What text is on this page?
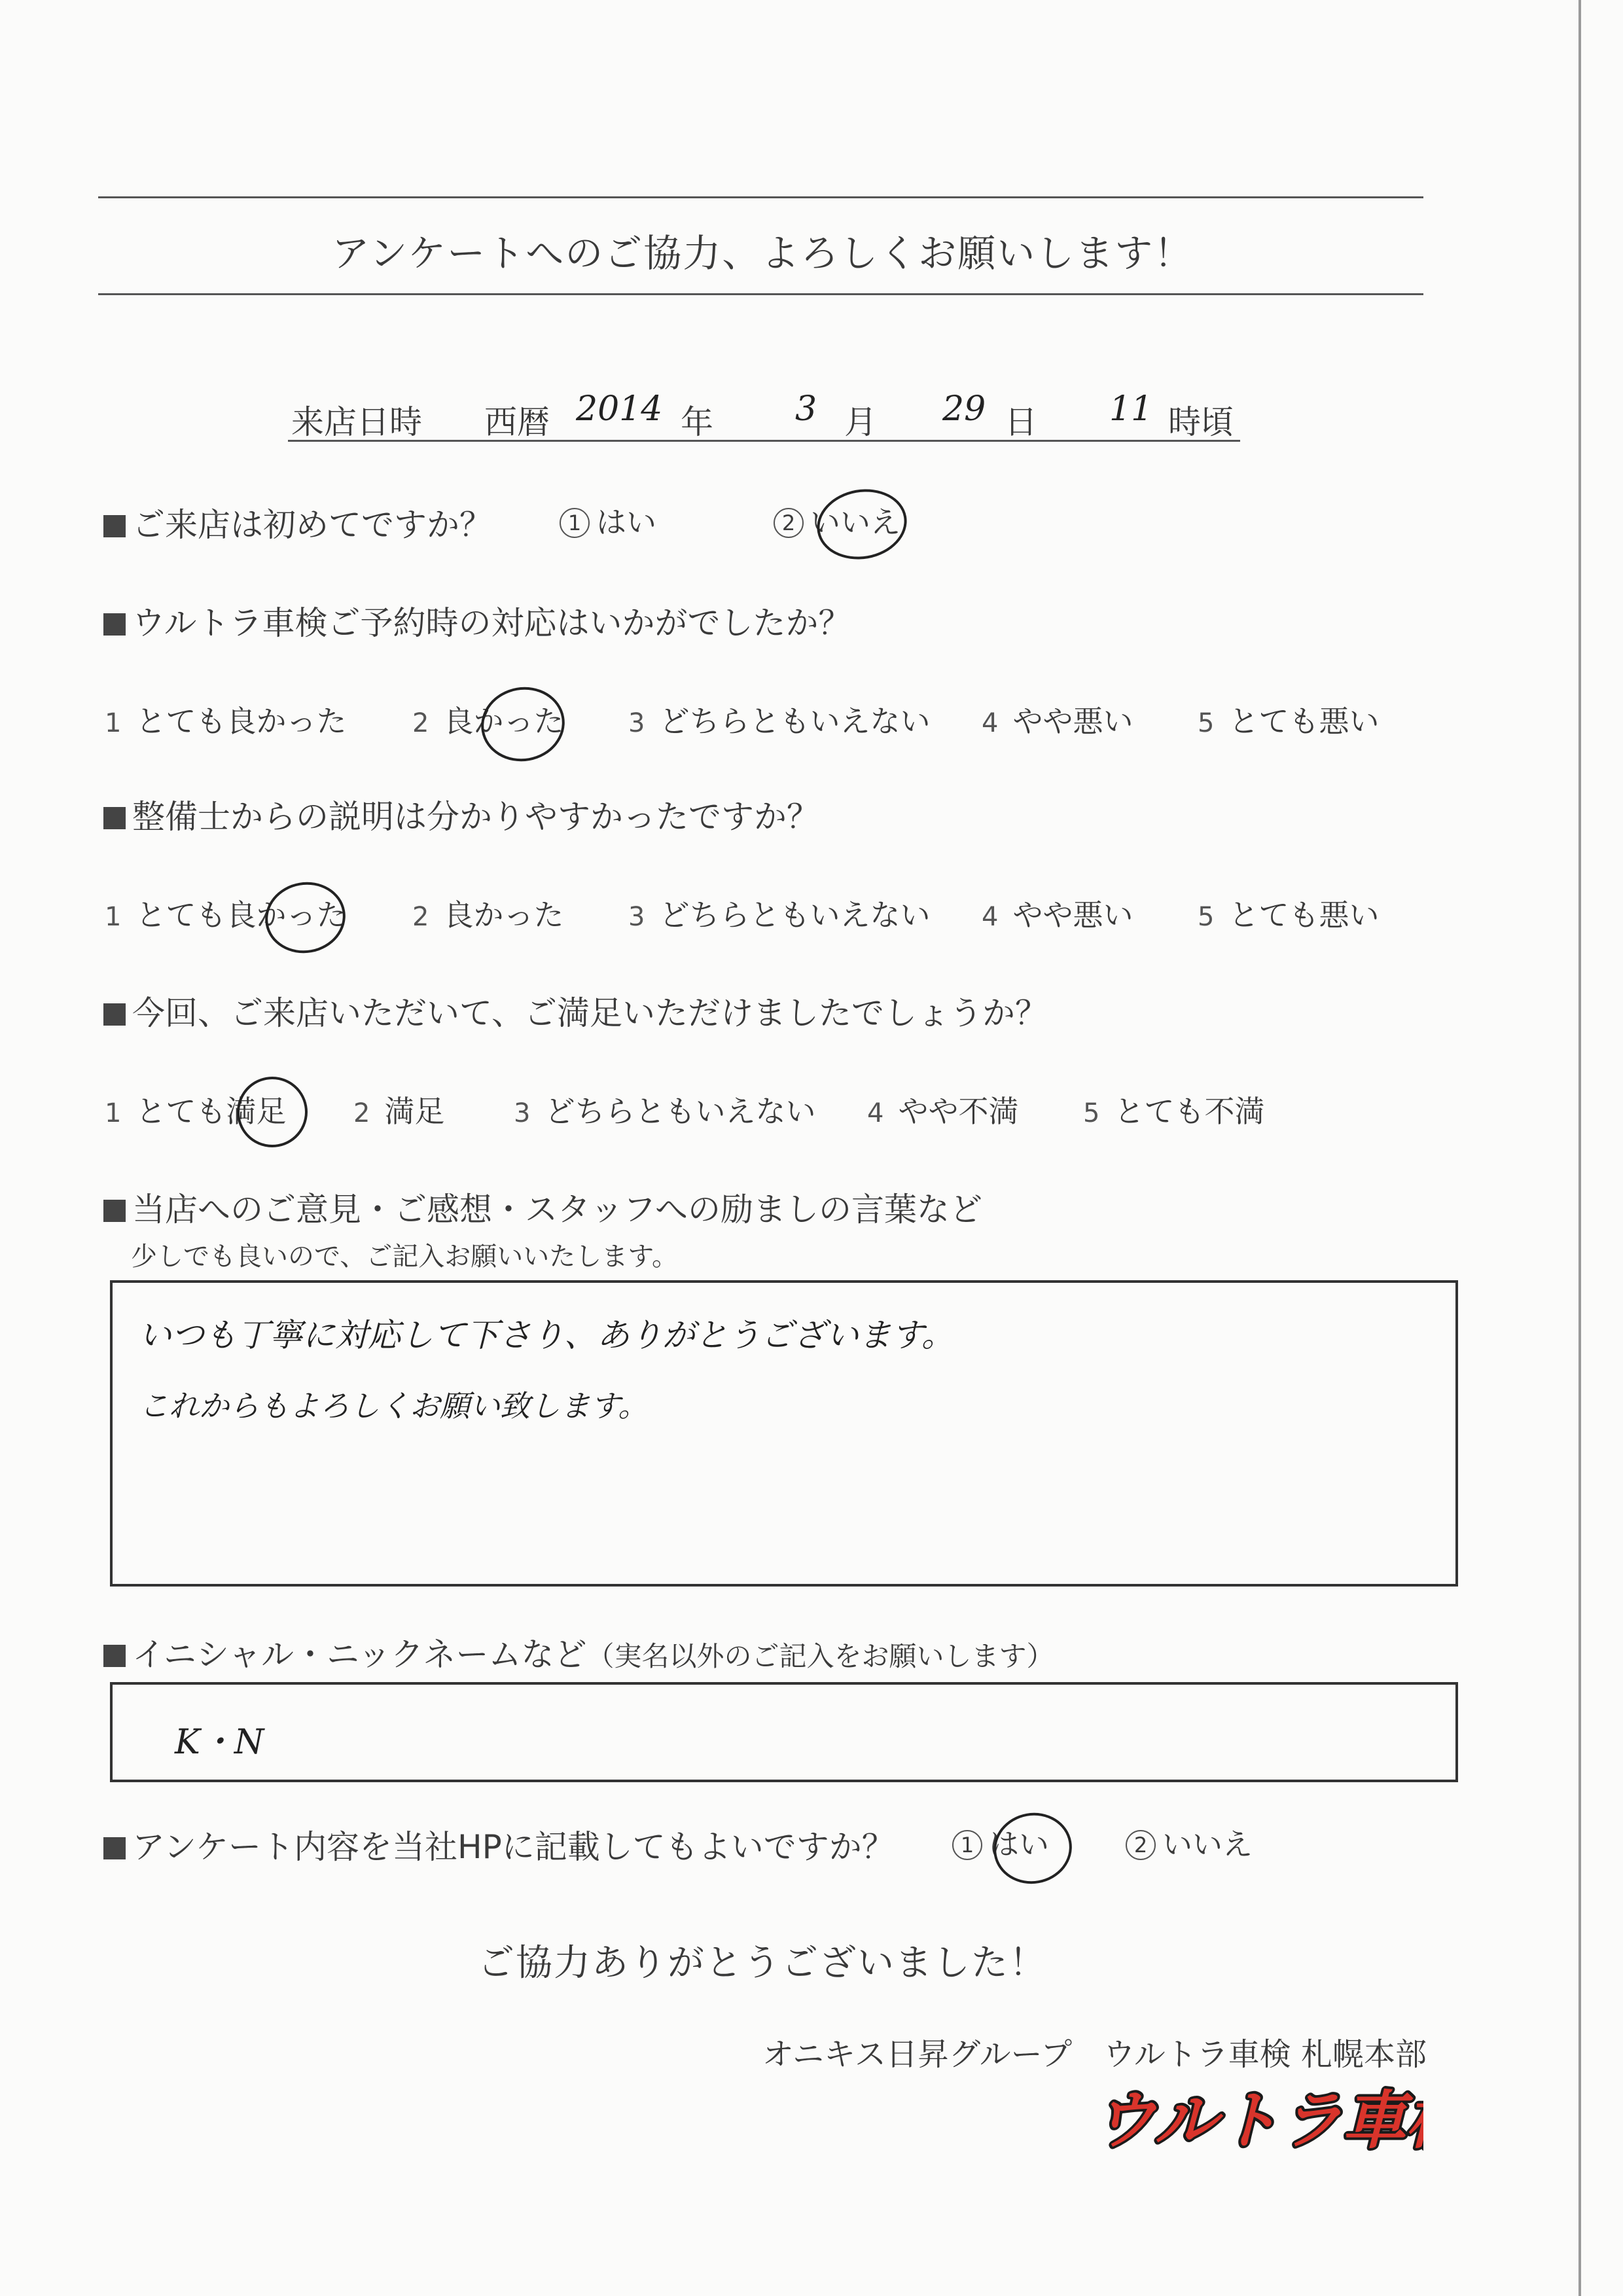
アンケートへのご協力、よろしくお願いします！
来店日時 西暦 2014 年 3 月 29 日 11 時頃
ご来店は初めてですか？	1 はい	2 いいえ
ウルトラ車検ご予約時の対応はいかがでしたか？
1 とても良かった	2 良かった 3 どちらともいえない 4 やや悪い 5 とても悪い
整備士からの説明は分かりやすかったですか？
1 とても良かった	2 良かった 3 どちらともいえない 4 やや悪い 5 とても悪い
今回、ご来店いただいて、ご満足いただけましたでしょうか？
1 とても満足	2 満足	3 どちらともいえない 4 やや不満 5 とても不満
当店へのご意見・ご感想・スタッフへの励ましの言葉など
少しでも良いので、ご記入お願いいたします。
いつも丁寧に対応して下さり、ありがとうございます。
これからもよろしくお願い致します。
イニシャル・ニックネームなど（実名以外のご記入をお願いします）
K・N
アンケート内容を当社HPに記載してもよいですか？	1 はい	2 いいえ
ご協力ありがとうございました！
オニキス日昇グループ　ウルトラ車検 札幌本部
ウルトラ車検
ウルトラ車検
